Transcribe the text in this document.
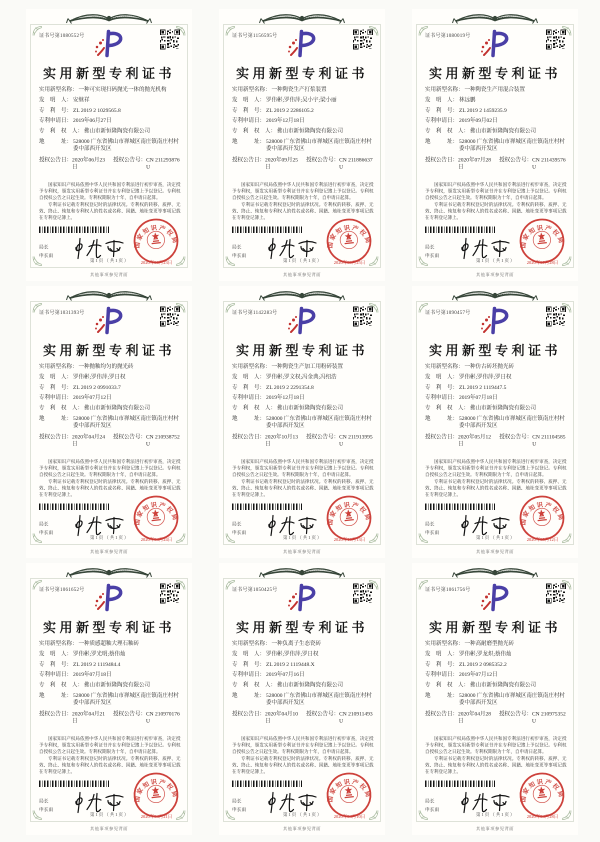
证书号第1080552号
实用新型专利证书
实用新型名称： 一种可实现扫码抛光一体的抛光机构
发　明　人： 安继祥
专　利　号： ZL 2019 2 1029565.8
专利申请日： 2019年06月27日
专　利　权　人： 佛山市新恒隆陶瓷有限公司
地　　　址： 528000 广东省佛山市禅城区南庄镇南庄村村委中部西开发区
授权公告日： 2020年06月23日
授权公告号： CN 211293876 U

国家知识产权局依照中华人民共和国专利法进行初步审查，决定授予专利权，颁发实用新型专利证书并在专利登记簿上予以登记。专利权自授权公告之日起生效。专利权期限为十年，自申请日起算。

专利证书记载专利权登记时的法律状况。专利权的转移、质押、无效、终止、恢复和专利权人的姓名或名称、国籍、地址变更等事项记载在专利登记簿上。

局长
申长雨
国家知识产权局
2020年06月23日
第1页（共1页）
其他事项参见背面
证书号第1156595号
实用新型专利证书
实用新型名称： 一种陶瓷生产打浆装置
发　明　人： 罗伟彬;罗伟萍;吴小宇;梁小丽
专　利　号： ZL 2019 2 2286105.2
专利申请日： 2019年12月18日
专　利　权　人： 佛山市新恒隆陶瓷有限公司
地　　　址： 528000 广东省佛山市禅城区南庄镇南庄村村委中部西开发区
授权公告日： 2020年09月25日
授权公告号： CN 211886637 U

国家知识产权局依照中华人民共和国专利法进行初步审查，决定授予专利权，颁发实用新型专利证书并在专利登记簿上予以登记。专利权自授权公告之日起生效。专利权期限为十年，自申请日起算。

专利证书记载专利权登记时的法律状况。专利权的转移、质押、无效、终止、恢复和专利权人的姓名或名称、国籍、地址变更等事项记载在专利登记簿上。

局长
申长雨
国家知识产权局
2020年09月25日
第1页（共1页）
其他事项参见背面
证书号第1080019号
实用新型专利证书
实用新型名称： 一种陶瓷生产用混合装置
发　明　人： 林远鹏
专　利　号： ZL 2019 2 1459235.9
专利申请日： 2019年09月02日
专　利　权　人： 佛山市新恒隆陶瓷有限公司
地　　　址： 528000 广东省佛山市禅城区南庄镇南庄村村委中部西开发区
授权公告日： 2020年07月28日
授权公告号： CN 211439576 U

国家知识产权局依照中华人民共和国专利法进行初步审查，决定授予专利权，颁发实用新型专利证书并在专利登记簿上予以登记。专利权自授权公告之日起生效。专利权期限为十年，自申请日起算。

专利证书记载专利权登记时的法律状况。专利权的转移、质押、无效、终止、恢复和专利权人的姓名或名称、国籍、地址变更等事项记载在专利登记簿上。

局长
申长雨
国家知识产权局
2020年07月28日
第1页（共1页）
其他事项参见背面
证书号第1031393号
实用新型专利证书
实用新型名称： 一种抛釉均匀的抛光砖
发　明　人： 罗伟彬;罗伟萍;罗日权
专　利　号： ZL 2019 2 0991033.7
专利申请日： 2019年07月12日
专　利　权　人： 佛山市新恒隆陶瓷有限公司
地　　　址： 528000 广东省佛山市禅城区南庄镇南庄村村委中部西开发区
授权公告日： 2020年04月24日
授权公告号： CN 210938752 U

国家知识产权局依照中华人民共和国专利法进行初步审查，决定授予专利权，颁发实用新型专利证书并在专利登记簿上予以登记。专利权自授权公告之日起生效。专利权期限为十年，自申请日起算。

专利证书记载专利权登记时的法律状况。专利权的转移、质押、无效、终止、恢复和专利权人的姓名或名称、国籍、地址变更等事项记载在专利登记簿上。

局长
申长雨
国家知识产权局
2020年04月24日
第1页（共1页）
其他事项参见背面
证书号第1142283号
实用新型专利证书
实用新型名称： 一种陶瓷生产加工用粉碎装置
发　明　人： 罗伟彬;罗文权;冯金典;冯绍浩
专　利　号： ZL 2019 2 2291354.8
专利申请日： 2019年12月18日
专　利　权　人： 佛山市新恒隆陶瓷有限公司
地　　　址： 528000 广东省佛山市禅城区南庄镇南庄村村委中部西开发区
授权公告日： 2020年10月13日
授权公告号： CN 211913995 U

国家知识产权局依照中华人民共和国专利法进行初步审查，决定授予专利权，颁发实用新型专利证书并在专利登记簿上予以登记。专利权自授权公告之日起生效。专利权期限为十年，自申请日起算。

专利证书记载专利权登记时的法律状况。专利权的转移、质押、无效、终止、恢复和专利权人的姓名或名称、国籍、地址变更等事项记载在专利登记簿上。

局长
申长雨
国家知识产权局
2020年10月13日
第1页（共1页）
其他事项参见背面
证书号第1090457号
实用新型专利证书
实用新型名称： 一种仿古砖坯抛光砖
发　明　人： 罗伟彬;罗伟萍;罗日权
专　利　号： ZL 2019 2 1119447.5
专利申请日： 2019年07月18日
专　利　权　人： 佛山市新恒隆陶瓷有限公司
地　　　址： 528000 广东省佛山市禅城区南庄镇南庄村村委中部西开发区
授权公告日： 2020年05月12日
授权公告号： CN 211104585 U

国家知识产权局依照中华人民共和国专利法进行初步审查，决定授予专利权，颁发实用新型专利证书并在专利登记簿上予以登记。专利权自授权公告之日起生效。专利权期限为十年，自申请日起算。

专利证书记载专利权登记时的法律状况。专利权的转移、质押、无效、终止、恢复和专利权人的姓名或名称、国籍、地址变更等事项记载在专利登记簿上。

局长
申长雨
国家知识产权局
2020年05月12日
第1页（共1页）
其他事项参见背面
证书号第1061652号
实用新型专利证书
实用新型名称： 一种质感超釉大理石釉砖
发　明　人： 罗伟彬;罗光明;蔡伟灿
专　利　号： ZL 2019 2 1119484.4
专利申请日： 2019年07月18日
专　利　权　人： 佛山市新恒隆陶瓷有限公司
地　　　址： 528000 广东省佛山市禅城区南庄镇南庄村村委中部西开发区
授权公告日： 2020年04月21日
授权公告号： CN 210970176 U

国家知识产权局依照中华人民共和国专利法进行初步审查，决定授予专利权，颁发实用新型专利证书并在专利登记簿上予以登记。专利权自授权公告之日起生效。专利权期限为十年，自申请日起算。

专利证书记载专利权登记时的法律状况。专利权的转移、质押、无效、终止、恢复和专利权人的姓名或名称、国籍、地址变更等事项记载在专利登记簿上。

局长
申长雨
国家知识产权局
2020年04月21日
第1页（共1页）
其他事项参见背面
证书号第1050425号
实用新型专利证书
实用新型名称： 一种负离子生态瓷砖
发　明　人： 罗伟彬;罗伟萍;罗日权
专　利　号： ZL 2019 2 1119448.X
专利申请日： 2019年07月16日
专　利　权　人： 佛山市新恒隆陶瓷有限公司
地　　　址： 528000 广东省佛山市禅城区南庄镇南庄村村委中部西开发区
授权公告日： 2020年04月10日
授权公告号： CN 210911493 U

国家知识产权局依照中华人民共和国专利法进行初步审查，决定授予专利权，颁发实用新型专利证书并在专利登记簿上予以登记。专利权自授权公告之日起生效。专利权期限为十年，自申请日起算。

专利证书记载专利权登记时的法律状况。专利权的转移、质押、无效、终止、恢复和专利权人的姓名或名称、国籍、地址变更等事项记载在专利登记簿上。

局长
申长雨
国家知识产权局
2020年04月10日
第1页（共1页）
其他事项参见背面
证书号第1061756号
实用新型专利证书
实用新型名称： 一种高耐磨型抛光砖
发　明　人： 罗伟彬;罗龙炽;蔡伟灿
专　利　号： ZL 2019 2 0985352.2
专利申请日： 2019年07月12日
专　利　权　人： 佛山市新恒隆陶瓷有限公司
地　　　址： 528000 广东省佛山市禅城区南庄镇南庄村村委中部西开发区
授权公告日： 2020年04月28日
授权公告号： CN 210975352 U

国家知识产权局依照中华人民共和国专利法进行初步审查，决定授予专利权，颁发实用新型专利证书并在专利登记簿上予以登记。专利权自授权公告之日起生效。专利权期限为十年，自申请日起算。

专利证书记载专利权登记时的法律状况。专利权的转移、质押、无效、终止、恢复和专利权人的姓名或名称、国籍、地址变更等事项记载在专利登记簿上。

局长
申长雨
国家知识产权局
2020年04月28日
第1页（共1页）
其他事项参见背面
